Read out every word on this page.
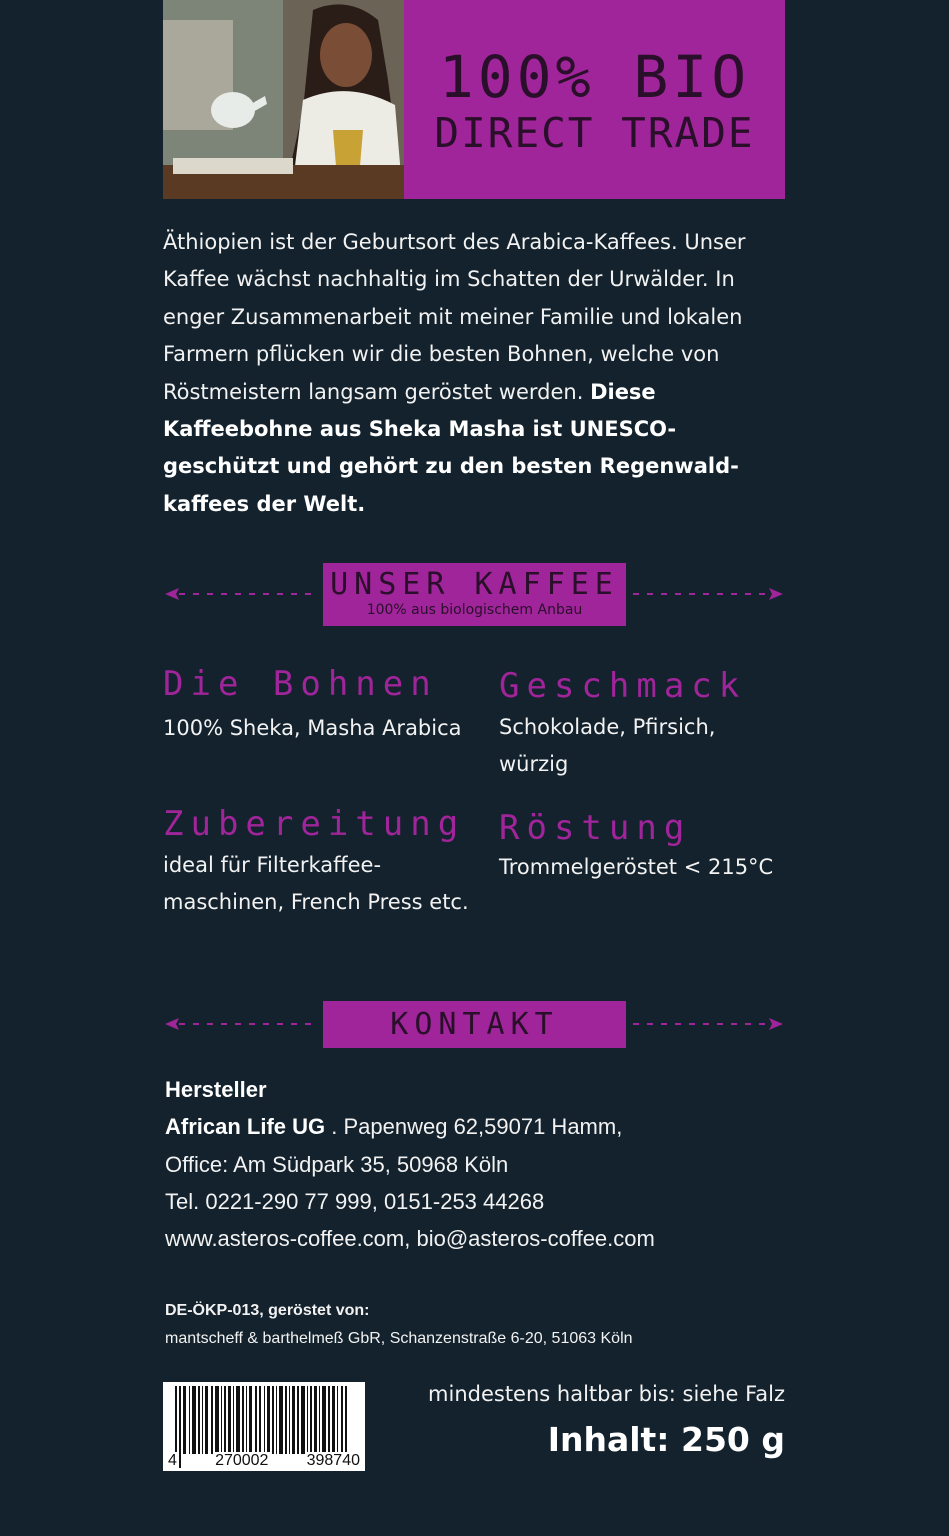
100% BIO
DIRECT TRADE
Äthiopien ist der Geburtsort des Arabica-Kaffees. Unser Kaffee wächst nachhaltig im Schatten der Urwälder. In enger Zusammenarbeit mit meiner Familie und lokalen Farmern pflücken wir die besten Bohnen, welche von Röstmeistern langsam geröstet werden. Diese Kaffeebohne aus Sheka Masha ist UNESCO-geschützt und gehört zu den besten Regenwald-kaffees der Welt.
UNSER KAFFEE
100% aus biologischem Anbau
Die Bohnen
100% Sheka, Masha Arabica
Geschmack
Schokolade, Pfirsich, würzig
Zubereitung
ideal für Filterkaffee-maschinen, French Press etc.
Röstung
Trommelgeröstet < 215°C
KONTAKT
Hersteller
African Life UG . Papenweg 62,59071 Hamm,
Office: Am Südpark 35, 50968 Köln
Tel. 0221-290 77 999, 0151-253 44268
www.asteros-coffee.com, bio@asteros-coffee.com
DE-ÖKP-013, geröstet von:
mantscheff & barthelmeß GbR, Schanzenstraße 6-20, 51063 Köln
4 270002 398740
mindestens haltbar bis: siehe Falz
Inhalt: 250 g
